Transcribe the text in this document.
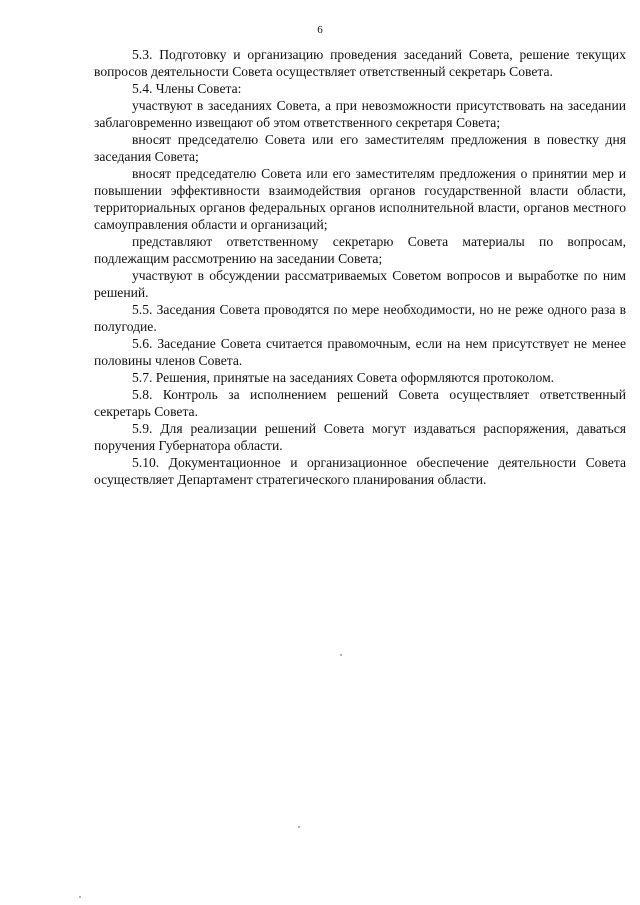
6

5.3. Подготовку и организацию проведения заседаний Совета, решение текущих вопросов деятельности Совета осуществляет ответственный секретарь Совета.

5.4. Члены Совета:

участвуют в заседаниях Совета, а при невозможности присутствовать на заседании заблаговременно извещают об этом ответственного секретаря Совета;

вносят председателю Совета или его заместителям предложения в повестку дня заседания Совета;

вносят председателю Совета или его заместителям предложения о принятии мер и повышении эффективности взаимодействия органов государственной власти области, территориальных органов федеральных органов исполнительной власти, органов местного самоуправления области и организаций;

представляют ответственному секретарю Совета материалы по вопросам, подлежащим рассмотрению на заседании Совета;

участвуют в обсуждении рассматриваемых Советом вопросов и выработке по ним решений.

5.5. Заседания Совета проводятся по мере необходимости, но не реже одного раза в полугодие.

5.6. Заседание Совета считается правомочным, если на нем присутствует не менее половины членов Совета.

5.7. Решения, принятые на заседаниях Совета оформляются протоколом.

5.8. Контроль за исполнением решений Совета осуществляет ответственный секретарь Совета.

5.9. Для реализации решений Совета могут издаваться распоряжения, даваться поручения Губернатора области.

5.10. Документационное и организационное обеспечение деятельности Совета осуществляет Департамент стратегического планирования области.
